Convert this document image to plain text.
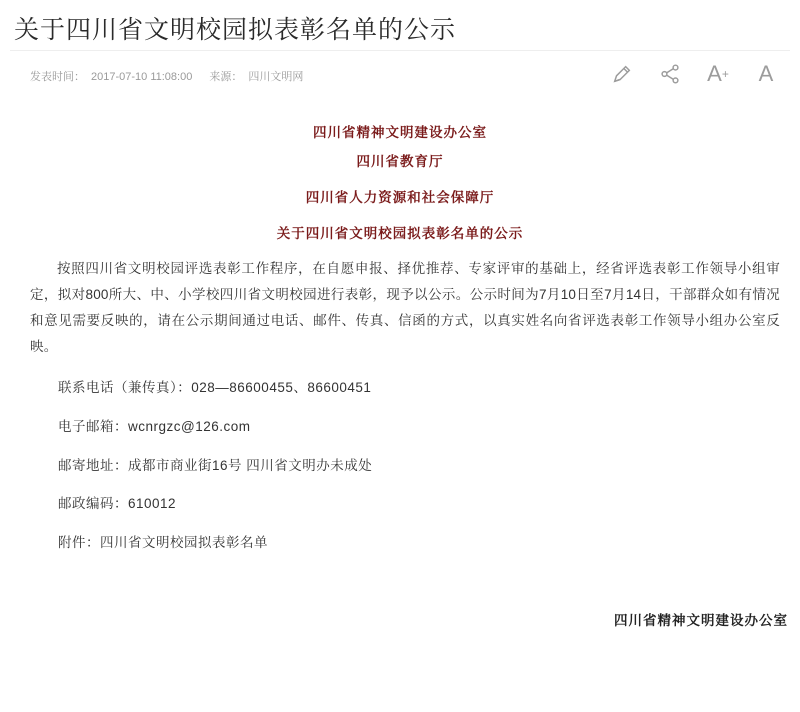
关于四川省文明校园拟表彰名单的公示
发表时间： 2017-07-10 11:08:00 来源： 四川文明网	A + A
四川省精神文明建设办公室
四川省教育厅
四川省人力资源和社会保障厅
关于四川省文明校园拟表彰名单的公示
按照四川省文明校园评选表彰工作程序，在自愿申报、择优推荐、专家评审的基础上，经省评选表彰工作领导小组审定，拟对800所大、中、小学校四川省文明校园进行表彰，现予以公示。公示时间为7月10日至7月14日，干部群众如有情况和意见需要反映的，请在公示期间通过电话、邮件、传真、信函的方式，以真实姓名向省评选表彰工作领导小组办公室反映。
联系电话（兼传真）：028—86600455、86600451
电子邮箱：wcnrgzc@126.com
邮寄地址：成都市商业街16号 四川省文明办未成处
邮政编码：610012
附件：四川省文明校园拟表彰名单
四川省精神文明建设办公室
